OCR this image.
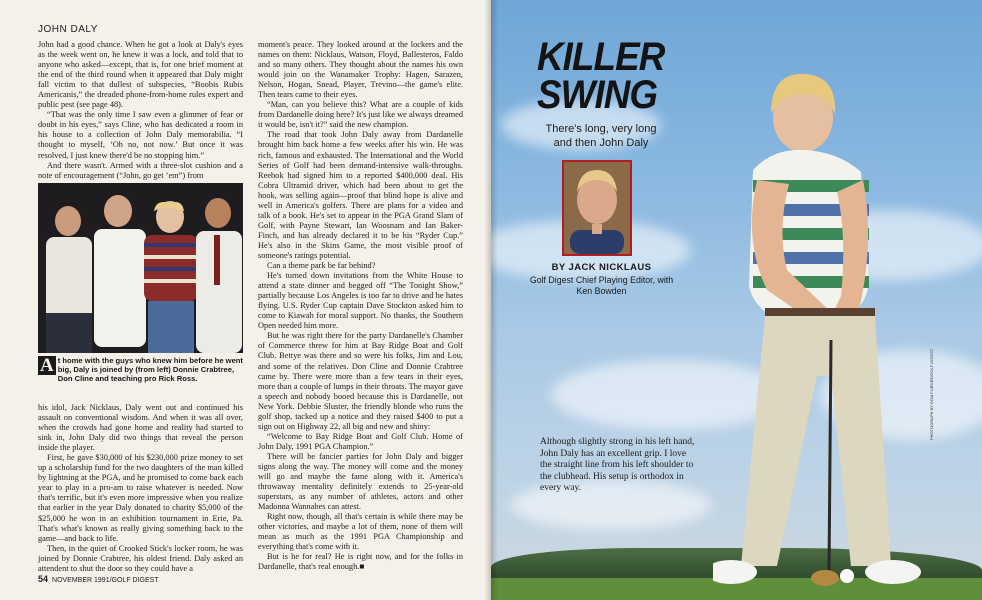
JOHN DALY

John had a good chance. When he got a look at Daly's eyes as the week went on, he knew it was a lock, and told that to anyone who asked—except, that is, for one brief moment at the end of the third round when it appeared that Daly might fall victim to that dullest of subspecies, “Boobis Rubis Americanis,” the dreaded phone-from-home rules expert and public pest (see page 48).

“That was the only time I saw even a glimmer of fear or doubt in his eyes,” says Cline, who has dedicated a room in his house to a collection of John Daly memorabilia. “I thought to myself, ‘Oh no, not now.’ But once it was resolved, I just knew there'd be no stopping him.”

And there wasn't. Armed with a three-slot cushion and a note of encouragement (“John, go get ’em”) from

A t home with the guys who knew him before he went big, Daly is joined by (from left) Donnie Crabtree, Don Cline and teaching pro Rick Ross.

his idol, Jack Nicklaus, Daly went out and continued his assault on conventional wisdom. And when it was all over, when the crowds had gone home and reality had started to sink in, John Daly did two things that reveal the person inside the player.

First, he gave $30,000 of his $230,000 prize money to set up a scholarship fund for the two daughters of the man killed by lightning at the PGA, and he promised to come back each year to play in a pro-am to raise whatever is needed. Now that's terrific, but it's even more impressive when you realize that earlier in the year Daly donated to charity $5,000 of the $25,000 he won in an exhibition tournament in Erie, Pa. That's what's known as really giving something back to the game—and back to life.

Then, in the quiet of Crooked Stick's locker room, he was joined by Donnie Crabtree, his oldest friend. Daly asked an attendent to shut the door so they could have a

moment's peace. They looked around at the lockers and the names on them: Nicklaus, Watson, Floyd, Ballesteros, Faldo and so many others. They thought about the names his own would join on the Wanamaker Trophy: Hagen, Sarazen, Nelson, Hogan, Snead, Player, Trevino—the game's elite. Then tears came to their eyes.

“Man, can you believe this? What are a couple of kids from Dardanelle doing here? It's just like we always dreamed it would be, isn't it?” said the new champion.

The road that took John Daly away from Dardanelle brought him back home a few weeks after his win. He was rich, famous and exhausted. The International and the World Series of Golf had been demand-intensive walk-throughs. Reebok had signed him to a reported $400,000 deal. His Cobra Ultramid driver, which had been about to get the hook, was selling again—proof that blind hope is alive and well in America's golfers. There are plans for a video and talk of a book. He's set to appear in the PGA Grand Slam of Golf, with Payne Stewart, Ian Woosnam and Ian Baker-Finch, and has already declared it to be his “Ryder Cup.” He's also in the Skins Game, the most visible proof of someone's ratings potential.

Can a theme park be far behind?

He's turned down invitations from the White House to attend a state dinner and begged off “The Tonight Show,” partially because Los Angeles is too far to drive and he hates flying. U.S. Ryder Cup captain Dave Stockton asked him to come to Kiawah for moral support. No thanks, the Southern Open needed him more.

But he was right there for the party Dardanelle's Chamber of Commerce threw for him at Bay Ridge Boat and Golf Club. Bettye was there and so were his folks, Jim and Lou, and some of the relatives. Don Cline and Donnie Crabtree came by. There were more than a few tears in their eyes, more than a couple of lumps in their throats. The mayor gave a speech and nobody booed because this is Dardanelle, not New York. Debbie Sluster, the friendly blonde who runs the golf shop, tacked up a notice and they raised $400 to put a sign out on Highway 22, all big and new and shiny:

“Welcome to Bay Ridge Boat and Golf Club. Home of John Daly, 1991 PGA Champion.”

There will be fancier parties for John Daly and bigger signs along the way. The money will come and the money will go and maybe the fame along with it. America's throwaway mentality definitely extends to 25-year-old superstars, as any number of athletes, actors and other Madonna Wannabes can attest.

Right now, though, all that's certain is while there may be other victories, and maybe a lot of them, none of them will mean as much as the 1991 PGA Championship and everything that's come with it.

But is he for real? He is right now, and for the folks in Dardanelle, that's real enough.■

54 NOVEMBER 1991/GOLF DIGEST
KILLER
SWING
There's long, very long and then John Daly
BY JACK NICKLAUS
Golf Digest Chief Playing Editor, with Ken Bowden
Although slightly strong in his left hand, John Daly has an excellent grip. I love the straight line from his left shoulder to the clubhead. His setup is orthodox in every way.
PHOTOGRAPH BY DOM FURORE/GOLF DIGEST
